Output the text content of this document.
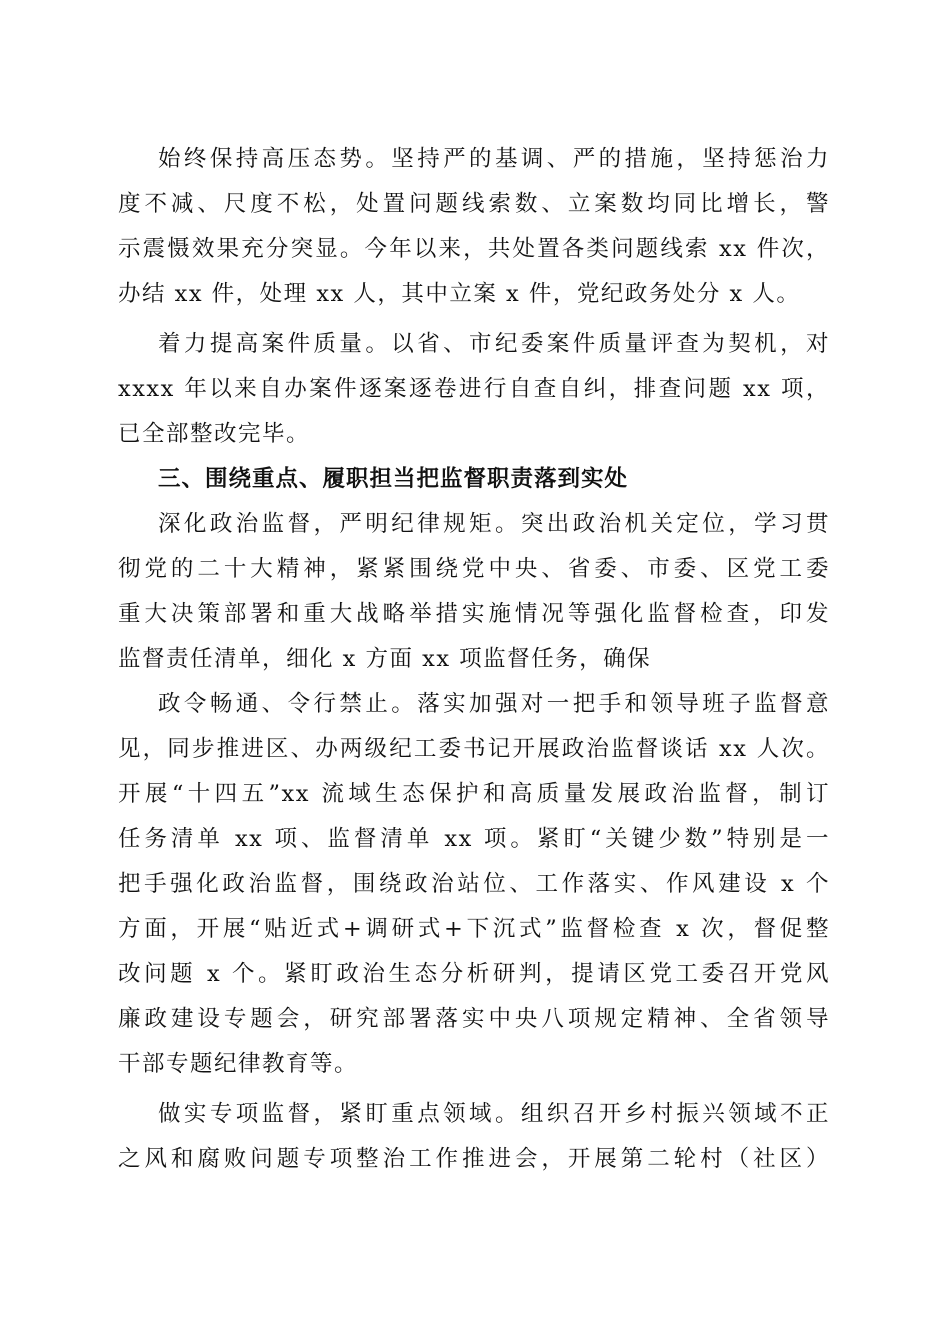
始终保持高压态势。坚持严的基调、严的措施，坚持惩治力
度不减、尺度不松，处置问题线索数、立案数均同比增长，警
示震慑效果充分突显。今年以来，共处置各类问题线索 xx 件次，
办结 xx 件，处理 xx 人，其中立案 x 件，党纪政务处分 x 人。
着力提高案件质量。以省、市纪委案件质量评查为契机，对
xxxx 年以来自办案件逐案逐卷进行自查自纠，排查问题 xx 项，
已全部整改完毕。
三、围绕重点、履职担当把监督职责落到实处
深化政治监督，严明纪律规矩。突出政治机关定位，学习贯
彻党的二十大精神，紧紧围绕党中央、省委、市委、区党工委
重大决策部署和重大战略举措实施情况等强化监督检查，印发
监督责任清单，细化 x 方面 xx 项监督任务，确保
政令畅通、令行禁止。落实加强对一把手和领导班子监督意
见，同步推进区、办两级纪工委书记开展政治监督谈话 xx 人次。
开展“十四五”xx 流域生态保护和高质量发展政治监督，制订
任务清单 xx 项、监督清单 xx 项。紧盯“关键少数”特别是一
把手强化政治监督，围绕政治站位、工作落实、作风建设 x 个
方面，开展“贴近式+调研式+下沉式”监督检查 x 次，督促整
改问题 x 个。紧盯政治生态分析研判，提请区党工委召开党风
廉政建设专题会，研究部署落实中央八项规定精神、全省领导
干部专题纪律教育等。
做实专项监督，紧盯重点领域。组织召开乡村振兴领域不正
之风和腐败问题专项整治工作推进会，开展第二轮村（社区）
